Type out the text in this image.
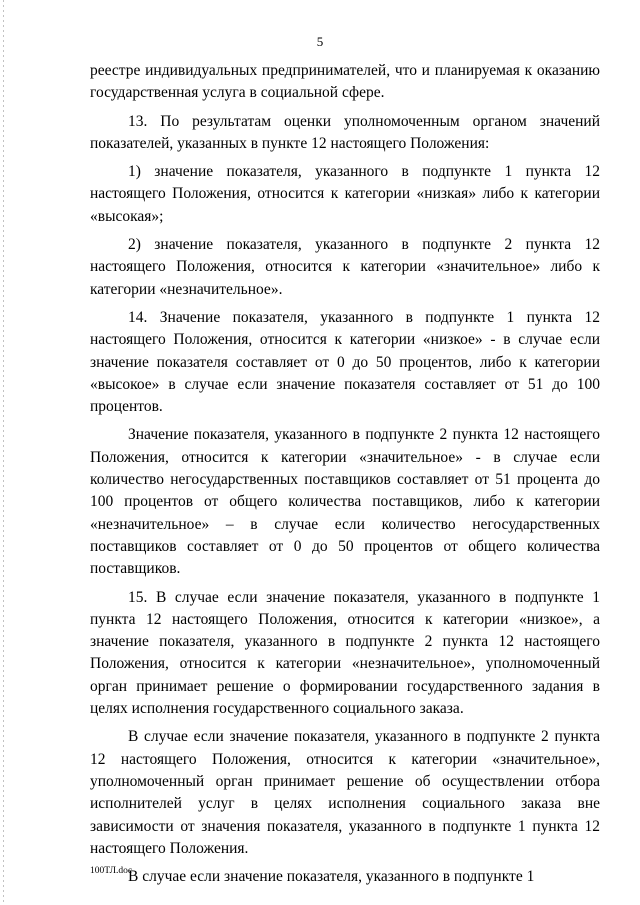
5

реестре индивидуальных предпринимателей, что и планируемая к оказанию государственная услуга в социальной сфере.

13. По результатам оценки уполномоченным органом значений показателей, указанных в пункте 12 настоящего Положения:

1) значение показателя, указанного в подпункте 1 пункта 12 настоящего Положения, относится к категории «низкая» либо к категории «высокая»;

2) значение показателя, указанного в подпункте 2 пункта 12 настоящего Положения, относится к категории «значительное» либо к категории «незначительное».

14. Значение показателя, указанного в подпункте 1 пункта 12 настоящего Положения, относится к категории «низкое» - в случае если значение показателя составляет от 0 до 50 процентов, либо к категории «высокое» в случае если значение показателя составляет от 51 до 100 процентов.

Значение показателя, указанного в подпункте 2 пункта 12 настоящего Положения, относится к категории «значительное» - в случае если количество негосударственных поставщиков составляет от 51 процента до 100 процентов от общего количества поставщиков, либо к категории «незначительное» – в случае если количество негосударственных поставщиков составляет от 0 до 50 процентов от общего количества поставщиков.

15. В случае если значение показателя, указанного в подпункте 1 пункта 12 настоящего Положения, относится к категории «низкое», а значение показателя, указанного в подпункте 2 пункта 12 настоящего Положения, относится к категории «незначительное», уполномоченный орган принимает решение о формировании государственного задания в целях исполнения государственного социального заказа.

В случае если значение показателя, указанного в подпункте 2 пункта 12 настоящего Положения, относится к категории «значительное», уполномоченный орган принимает решение об осуществлении отбора исполнителей услуг в целях исполнения социального заказа вне зависимости от значения показателя, указанного в подпункте 1 пункта 12 настоящего Положения.

В случае если значение показателя, указанного в подпункте 1

100ТЛ.doc
